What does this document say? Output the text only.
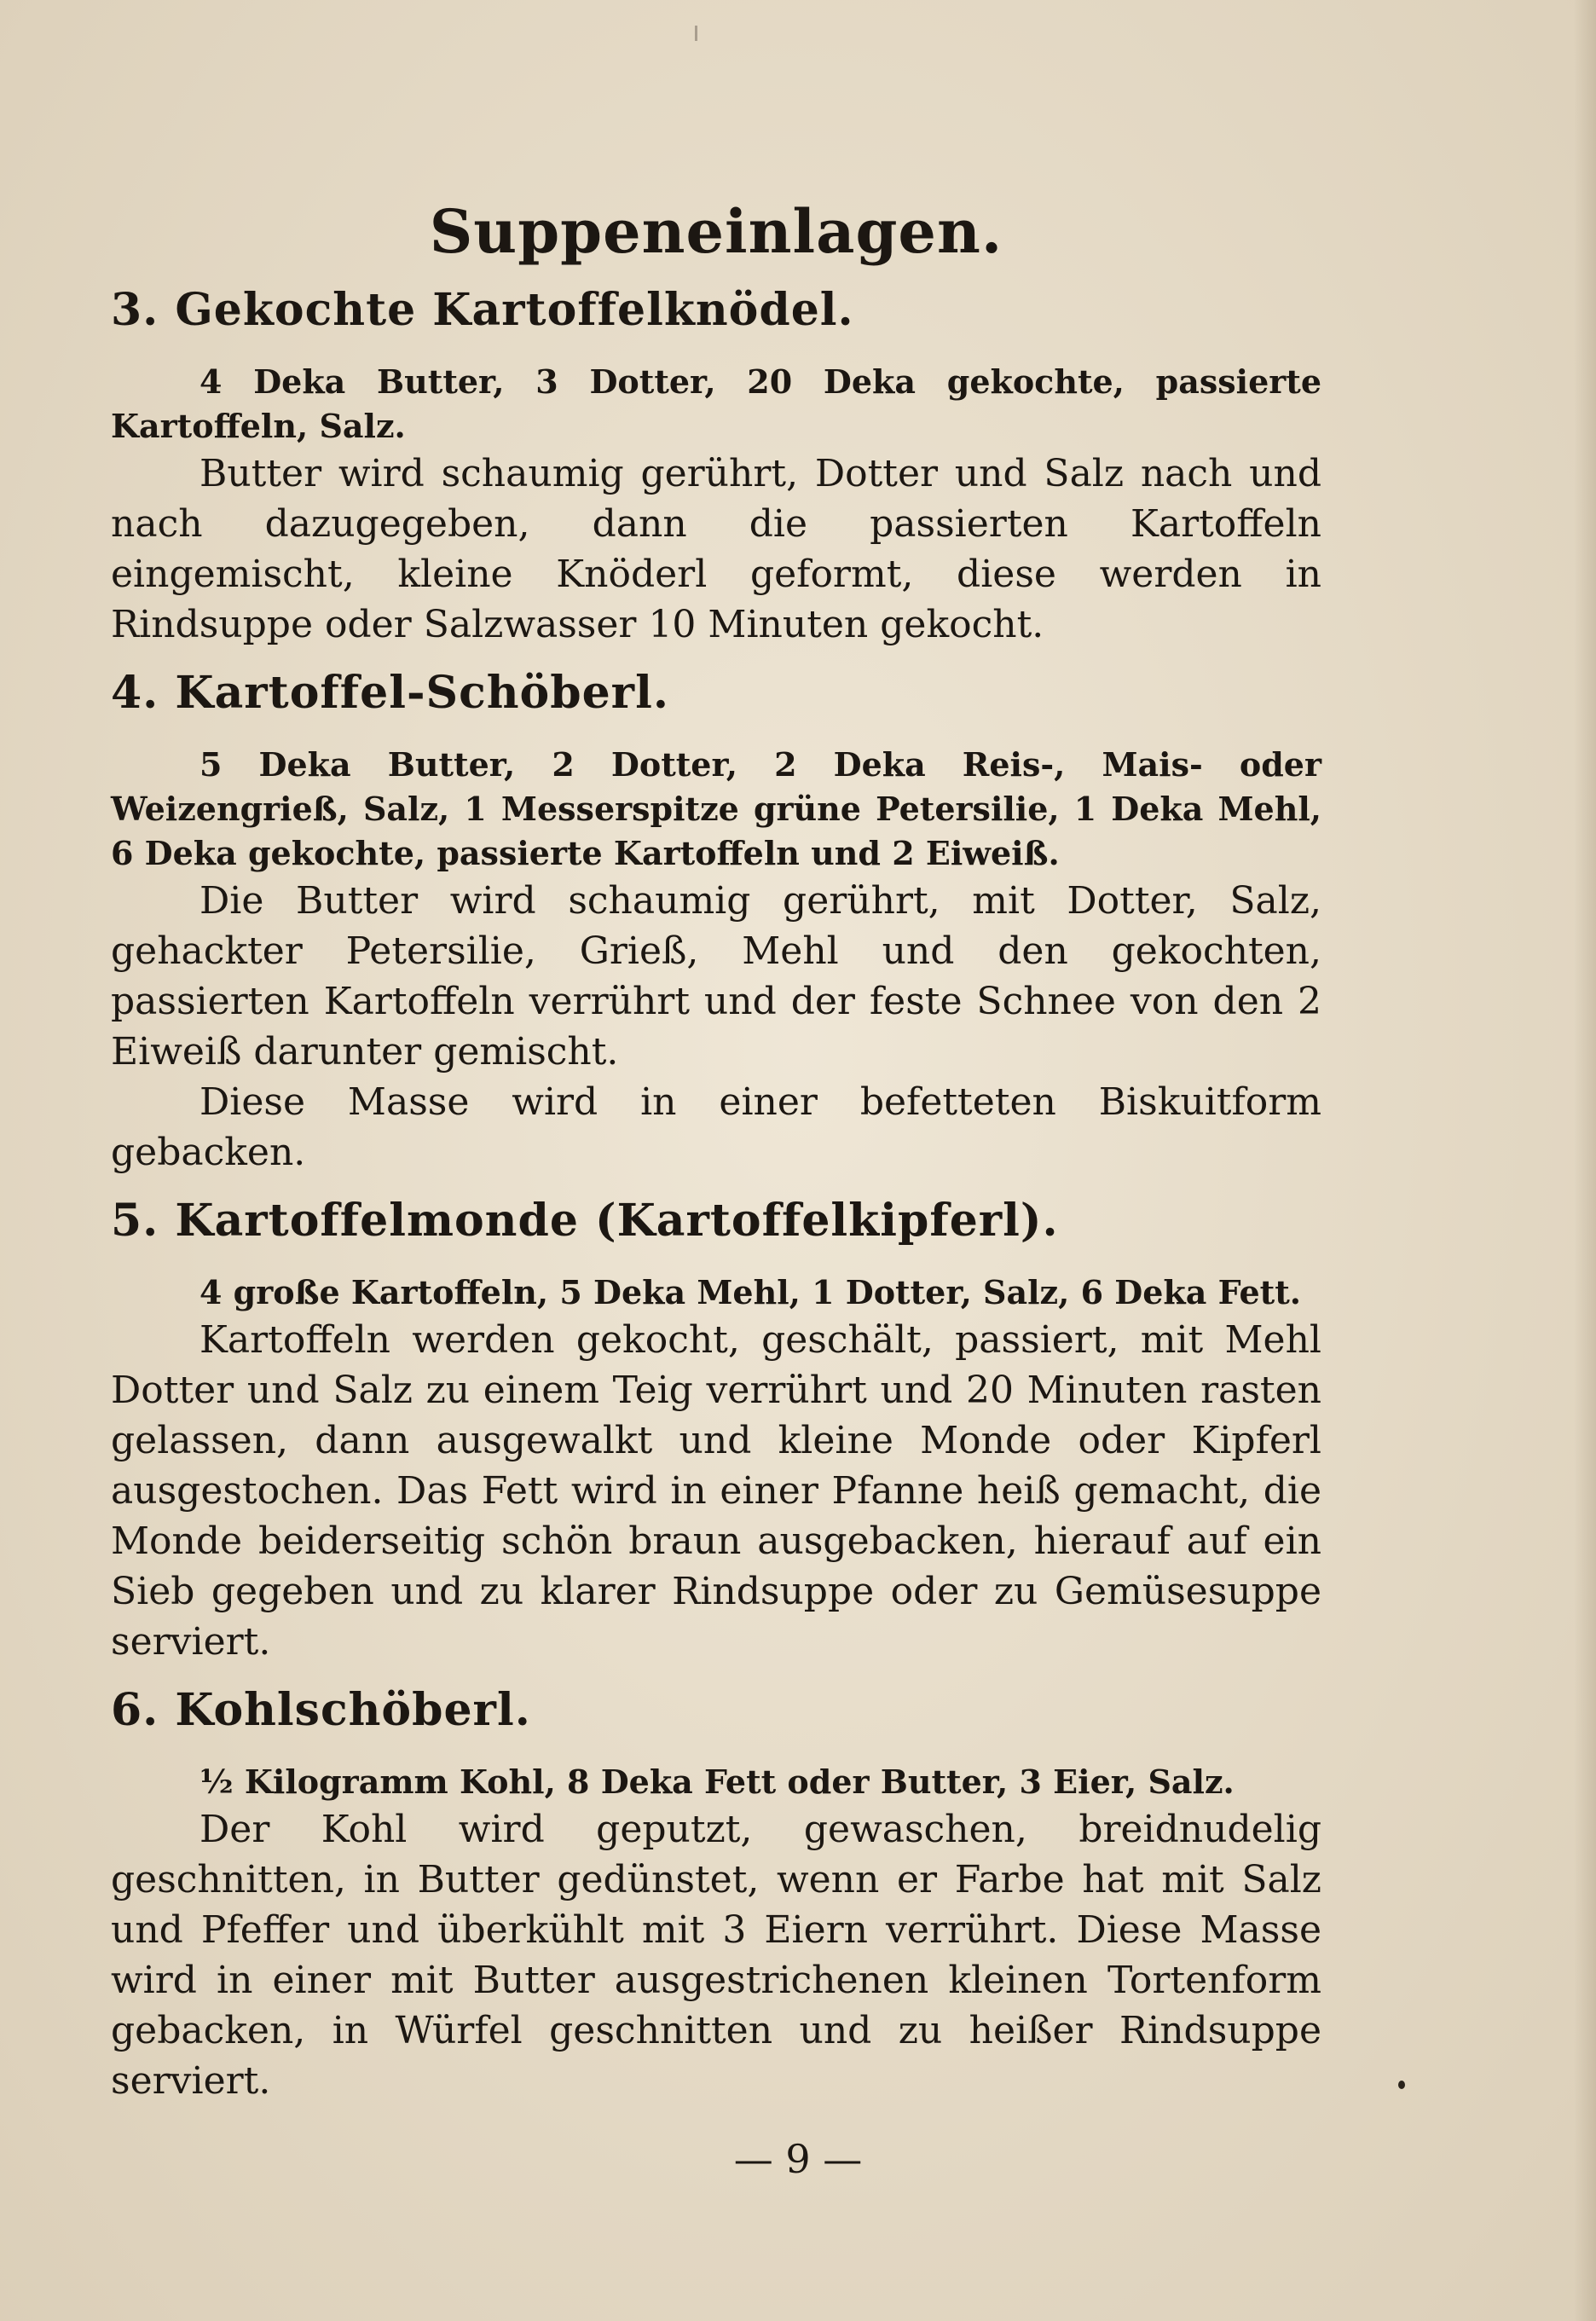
Suppeneinlagen.
3. Gekochte Kartoffelknödel.

4 Deka Butter, 3 Dotter, 20 Deka gekochte, passierte Kartoffeln, Salz.

Butter wird schaumig gerührt, Dotter und Salz nach und nach dazugegeben, dann die passierten Kartoffeln eingemischt, kleine Knöderl geformt, diese werden in Rindsuppe oder Salzwasser 10 Minuten gekocht.

4. Kartoffel-Schöberl.

5 Deka Butter, 2 Dotter, 2 Deka Reis-, Mais- oder Weizengrieß, Salz, 1 Messerspitze grüne Petersilie, 1 Deka Mehl, 6 Deka gekochte, passierte Kartoffeln und 2 Eiweiß.

Die Butter wird schaumig gerührt, mit Dotter, Salz, gehackter Petersilie, Grieß, Mehl und den gekochten, passierten Kartoffeln verrührt und der feste Schnee von den 2 Eiweiß darunter gemischt.

Diese Masse wird in einer befetteten Biskuitform gebacken.

5. Kartoffelmonde (Kartoffelkipferl).

4 große Kartoffeln, 5 Deka Mehl, 1 Dotter, Salz, 6 Deka Fett.

Kartoffeln werden gekocht, geschält, passiert, mit Mehl Dotter und Salz zu einem Teig verrührt und 20 Minuten rasten gelassen, dann ausgewalkt und kleine Monde oder Kipferl ausgestochen. Das Fett wird in einer Pfanne heiß gemacht, die Monde beiderseitig schön braun ausgebacken, hierauf auf ein Sieb gegeben und zu klarer Rindsuppe oder zu Gemüsesuppe serviert.

6. Kohlschöberl.

½ Kilogramm Kohl, 8 Deka Fett oder Butter, 3 Eier, Salz.

Der Kohl wird geputzt, gewaschen, breidnudelig geschnitten, in Butter gedünstet, wenn er Farbe hat mit Salz und Pfeffer und überkühlt mit 3 Eiern verrührt. Diese Masse wird in einer mit Butter ausgestrichenen kleinen Tortenform gebacken, in Würfel geschnitten und zu heißer Rindsuppe serviert.

— 9 —
